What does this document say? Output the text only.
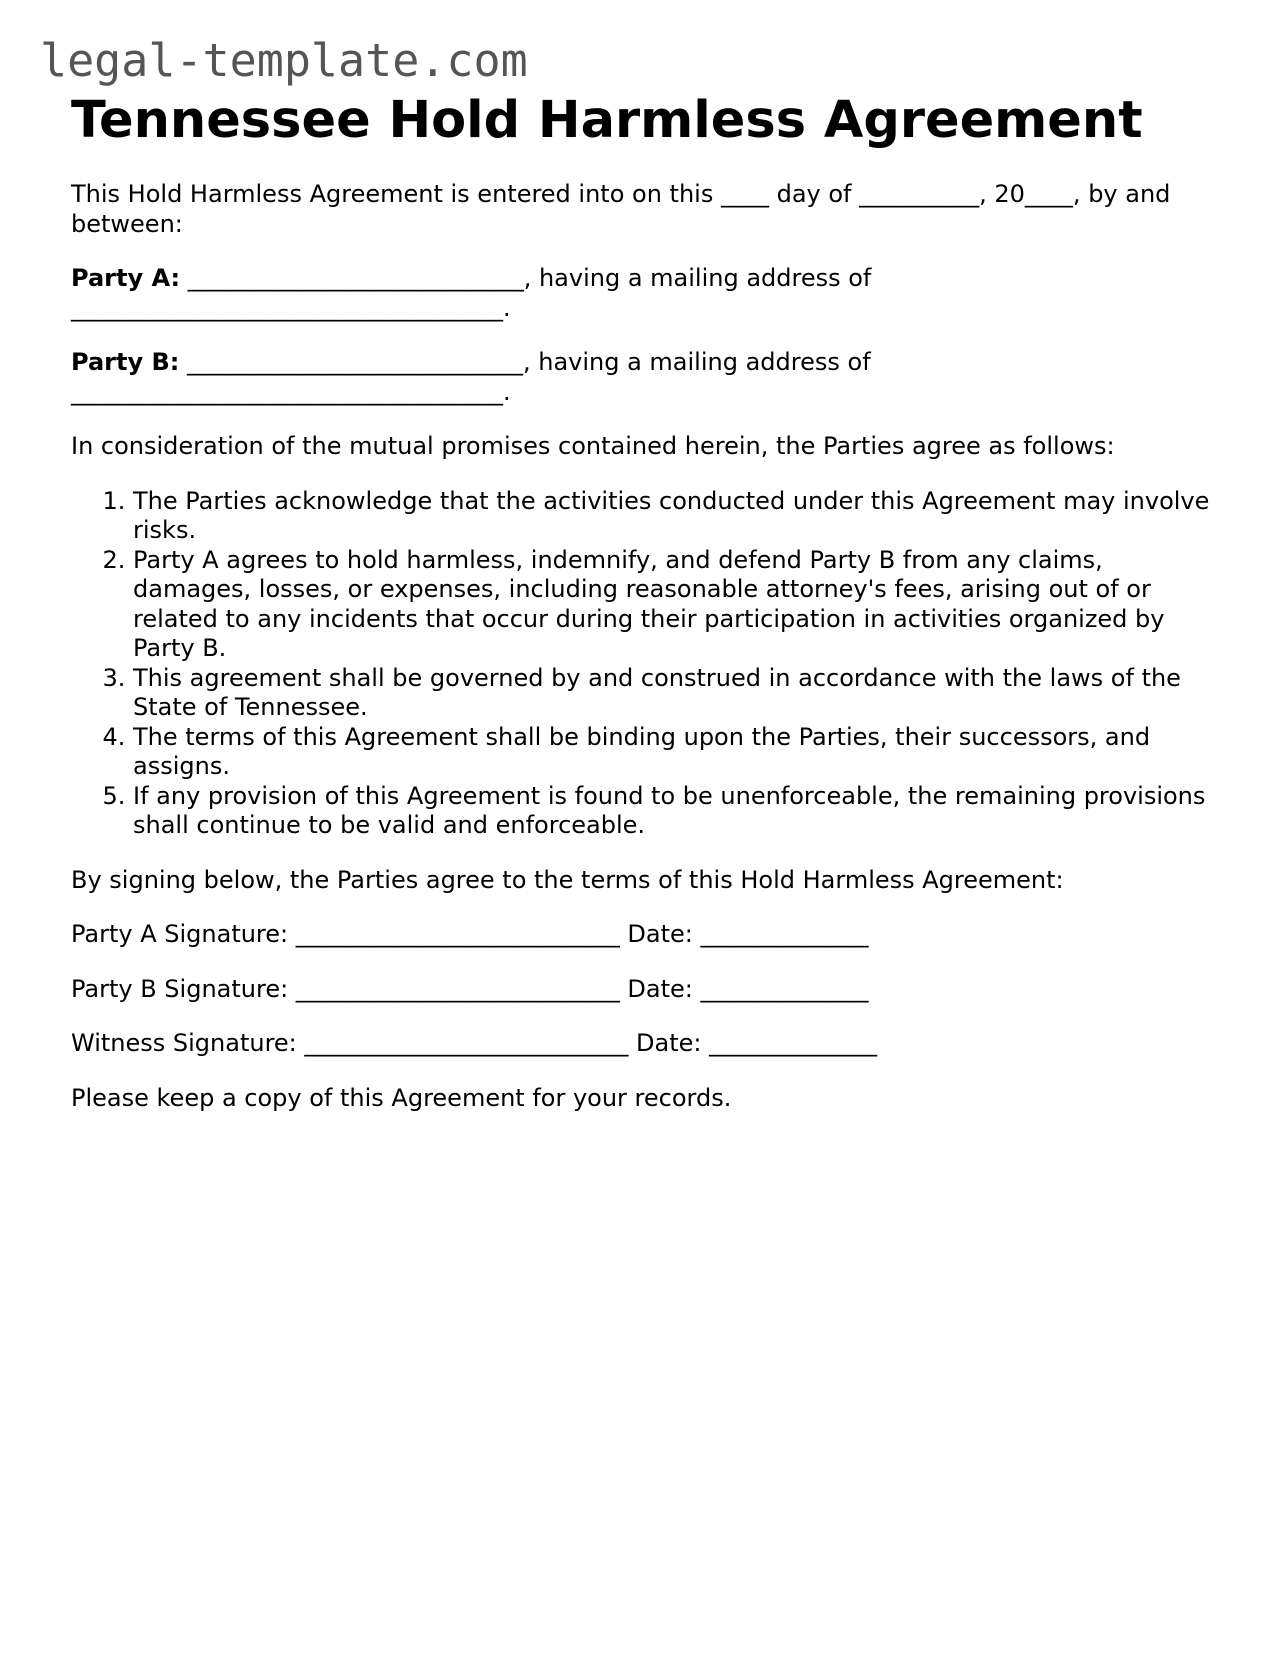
legal-template.com
Tennessee Hold Harmless Agreement

This Hold Harmless Agreement is entered into on this ____ day of __________, 20____, by and between:

Party A: ____________________________, having a mailing address of ____________________________________.

Party B: ____________________________, having a mailing address of ____________________________________.

In consideration of the mutual promises contained herein, the Parties agree as follows:

1. The Parties acknowledge that the activities conducted under this Agreement may involve risks.
2. Party A agrees to hold harmless, indemnify, and defend Party B from any claims, damages, losses, or expenses, including reasonable attorney's fees, arising out of or related to any incidents that occur during their participation in activities organized by Party B.
3. This agreement shall be governed by and construed in accordance with the laws of the State of Tennessee.
4. The terms of this Agreement shall be binding upon the Parties, their successors, and assigns.
5. If any provision of this Agreement is found to be unenforceable, the remaining provisions shall continue to be valid and enforceable.

By signing below, the Parties agree to the terms of this Hold Harmless Agreement:

Party A Signature: ___________________________ Date: ______________

Party B Signature: ___________________________ Date: ______________

Witness Signature: ___________________________ Date: ______________

Please keep a copy of this Agreement for your records.
